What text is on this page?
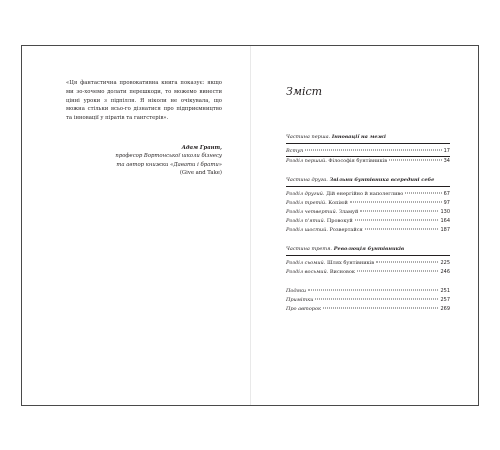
«Ця фантастична провокативна книга показує: якщо ми зо-хочемо долати перешкоди, то можемо винести цінні уроки з підпілля. Я ніколи не очікувала, що можна стільки всьо-го дізнатися про підприємництво та інновації у піратів та гангстерів».

Адам Грант,
професор Вортонської школи бізнесу
та автор книжки «Давати і брати»
(Give and Take)
Зміст
Частина перша. Інновації на межі
Вступ	17
Розділ перший. Філософія бунтівників	34
Частина друга. Звільни бунтівника всередині себе
Розділ другий. Дій енергійно й наполегливо	67
Розділ третій. Копіюй	97
Розділ четвертий. Зламуй	130
Розділ п'ятий. Провокуй	164
Розділ шостий. Розвертайся	187
Частина третя. Революція бунтівників
Розділ сьомий. Шлях бунтівників	225
Розділ восьмий. Висновок	246
Подяки	251
Примітки	257
Про авторок	269
